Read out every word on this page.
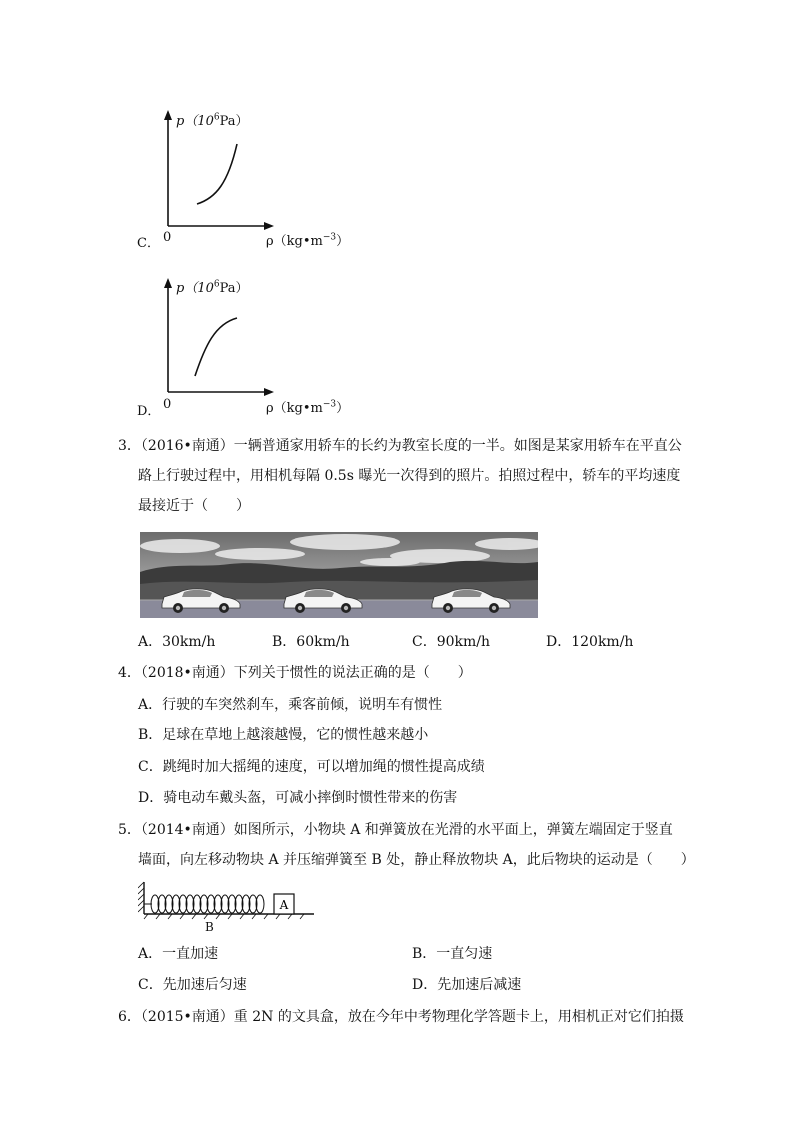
$p(10^6Pa)$
C． 0	$\rho(kg•m^{-3})$
$p(10^6Pa)$
D． 0	$\rho(kg•m^{-3})$
3．（2016•南通）一辆普通家用轿车的长约为教室长度的一半。如图是某家用轿车在平直公
路上行驶过程中，用相机每隔 0.5s 曝光一次得到的照片。拍照过程中，轿车的平均速度
最接近于（　　）
A．30km/h	B．60km/h	C．90km/h	D．120km/h
4．（2018•南通）下列关于惯性的说法正确的是（　　）
A．行驶的车突然刹车，乘客前倾，说明车有惯性
B．足球在草地上越滚越慢，它的惯性越来越小
C．跳绳时加大摇绳的速度，可以增加绳的惯性提高成绩
D．骑电动车戴头盔，可减小摔倒时惯性带来的伤害
5．（2014•南通）如图所示，小物块 A 和弹簧放在光滑的水平面上，弹簧左端固定于竖直
墙面，向左移动物块 A 并压缩弹簧至 B 处，静止释放物块 A，此后物块的运动是（　　）
A
B
A．一直加速	B．一直匀速
C．先加速后匀速	D．先加速后减速
6．（2015•南通）重 2N 的文具盒，放在今年中考物理化学答题卡上，用相机正对它们拍摄
